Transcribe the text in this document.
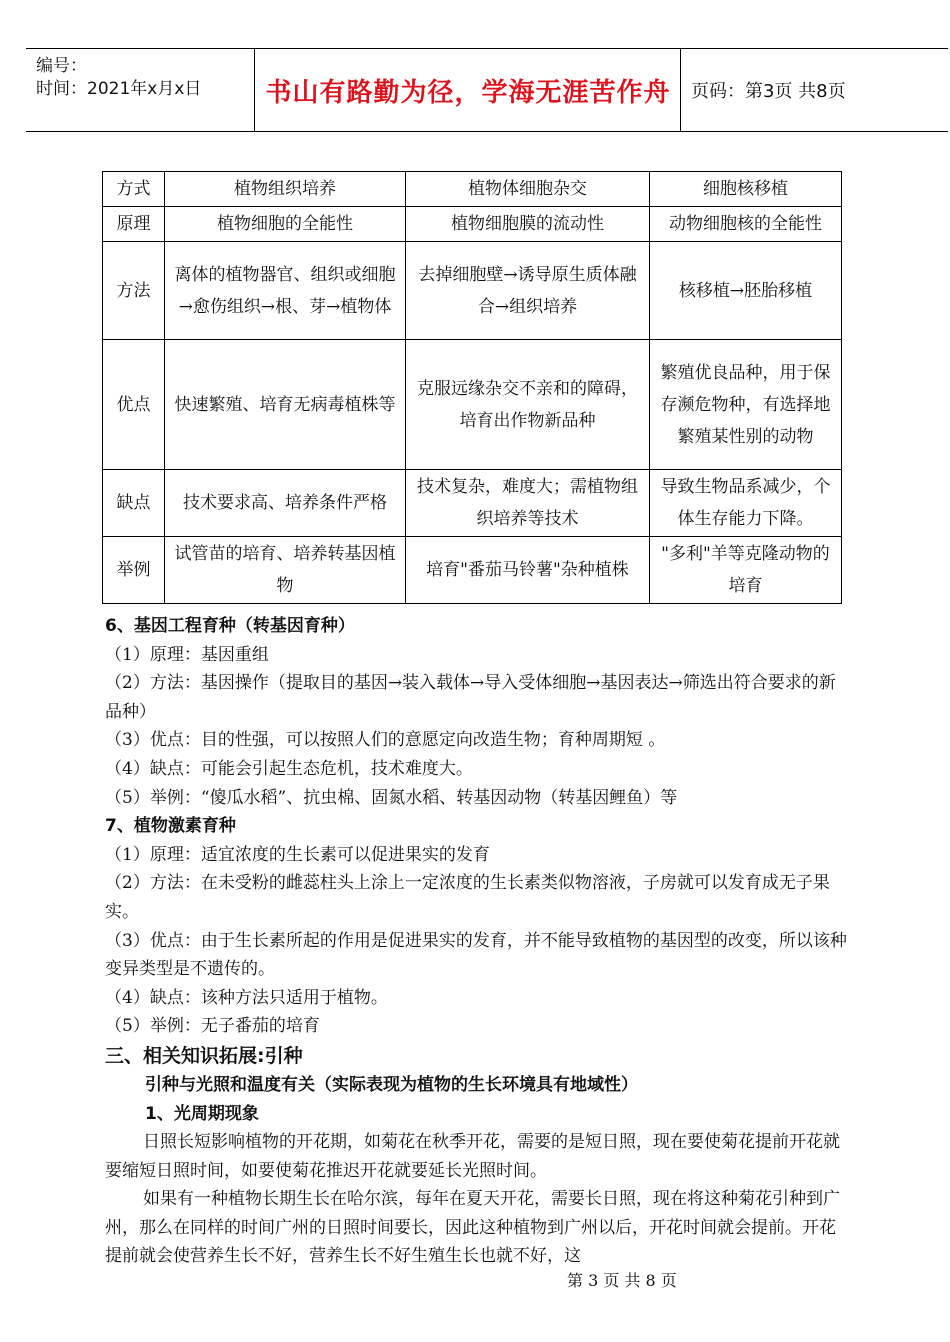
编号：
时间：2021年x月x日	书山有路勤为径，学海无涯苦作舟	页码：第3页 共8页
方式	植物组织培养	植物体细胞杂交	细胞核移植
原理	植物细胞的全能性	植物细胞膜的流动性	动物细胞核的全能性
方法	离体的植物器官、组织或细胞→愈伤组织→根、芽→植物体	去掉细胞壁→诱导原生质体融合→组织培养	核移植→胚胎移植
优点	快速繁殖、培育无病毒植株等	克服远缘杂交不亲和的障碍，培育出作物新品种	繁殖优良品种，用于保存濒危物种，有选择地繁殖某性别的动物
缺点	技术要求高、培养条件严格	技术复杂，难度大；需植物组织培养等技术	导致生物品系减少，个体生存能力下降。
举例	试管苗的培育、培养转基因植物	培育"番茄马铃薯"杂种植株	"多利"羊等克隆动物的培育

6、基因工程育种（转基因育种）

（1）原理：基因重组

（2）方法：基因操作（提取目的基因→装入载体→导入受体细胞→基因表达→筛选出符合要求的新品种）

（3）优点：目的性强，可以按照人们的意愿定向改造生物；育种周期短 。

（4）缺点：可能会引起生态危机，技术难度大。

（5）举例：“傻瓜水稻”、抗虫棉、固氮水稻、转基因动物（转基因鲤鱼）等

7、植物激素育种

（1）原理：适宜浓度的生长素可以促进果实的发育

（2）方法：在未受粉的雌蕊柱头上涂上一定浓度的生长素类似物溶液，子房就可以发育成无子果实。

（3）优点：由于生长素所起的作用是促进果实的发育，并不能导致植物的基因型的改变，所以该种变异类型是不遗传的。

（4）缺点：该种方法只适用于植物。

（5）举例：无子番茄的培育

三、相关知识拓展:引种

引种与光照和温度有关（实际表现为植物的生长环境具有地域性）

1、光周期现象

日照长短影响植物的开花期，如菊花在秋季开花，需要的是短日照，现在要使菊花提前开花就要缩短日照时间，如要使菊花推迟开花就要延长光照时间。

如果有一种植物长期生长在哈尔滨，每年在夏天开花，需要长日照，现在将这种菊花引种到广州，那么在同样的时间广州的日照时间要长，因此这种植物到广州以后，开花时间就会提前。开花提前就会使营养生长不好，营养生长不好生殖生长也就不好，这

第 3 页 共 8 页
